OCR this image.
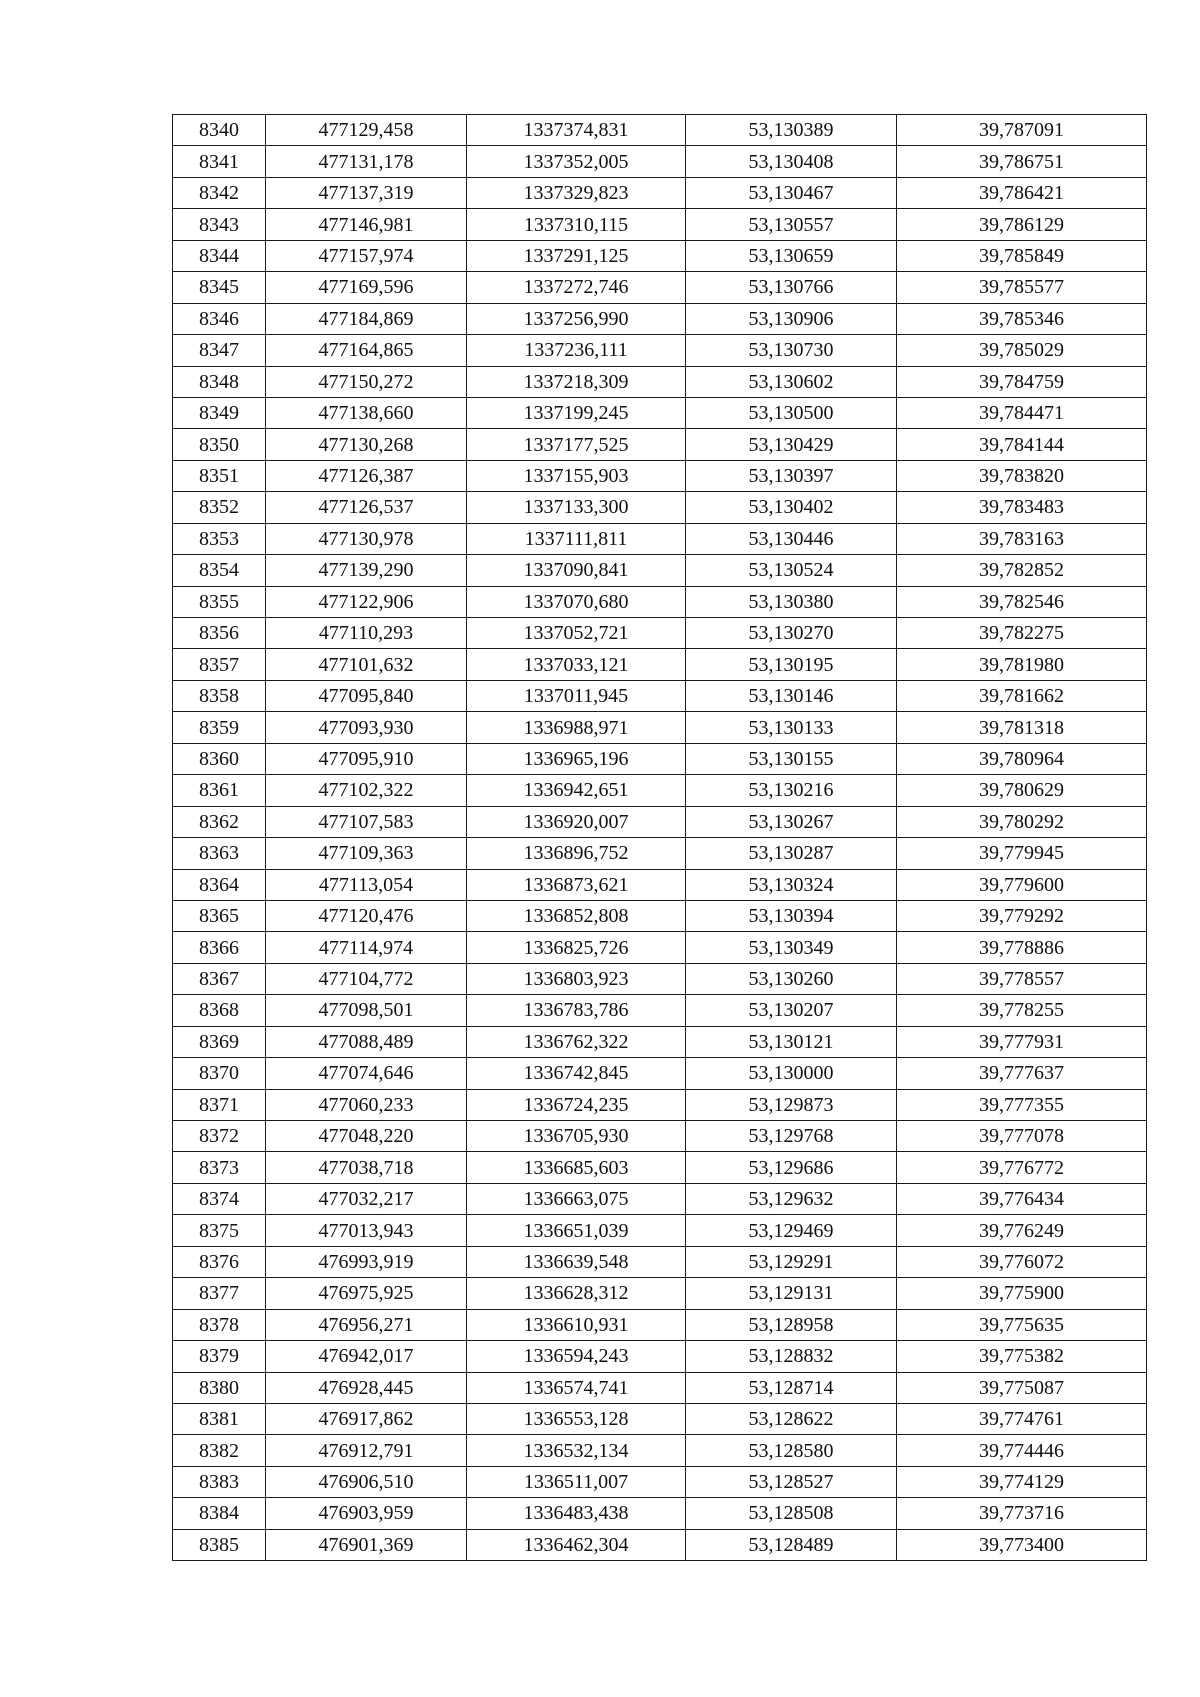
8340	477129,458	1337374,831	53,130389	39,787091
8341	477131,178	1337352,005	53,130408	39,786751
8342	477137,319	1337329,823	53,130467	39,786421
8343	477146,981	1337310,115	53,130557	39,786129
8344	477157,974	1337291,125	53,130659	39,785849
8345	477169,596	1337272,746	53,130766	39,785577
8346	477184,869	1337256,990	53,130906	39,785346
8347	477164,865	1337236,111	53,130730	39,785029
8348	477150,272	1337218,309	53,130602	39,784759
8349	477138,660	1337199,245	53,130500	39,784471
8350	477130,268	1337177,525	53,130429	39,784144
8351	477126,387	1337155,903	53,130397	39,783820
8352	477126,537	1337133,300	53,130402	39,783483
8353	477130,978	1337111,811	53,130446	39,783163
8354	477139,290	1337090,841	53,130524	39,782852
8355	477122,906	1337070,680	53,130380	39,782546
8356	477110,293	1337052,721	53,130270	39,782275
8357	477101,632	1337033,121	53,130195	39,781980
8358	477095,840	1337011,945	53,130146	39,781662
8359	477093,930	1336988,971	53,130133	39,781318
8360	477095,910	1336965,196	53,130155	39,780964
8361	477102,322	1336942,651	53,130216	39,780629
8362	477107,583	1336920,007	53,130267	39,780292
8363	477109,363	1336896,752	53,130287	39,779945
8364	477113,054	1336873,621	53,130324	39,779600
8365	477120,476	1336852,808	53,130394	39,779292
8366	477114,974	1336825,726	53,130349	39,778886
8367	477104,772	1336803,923	53,130260	39,778557
8368	477098,501	1336783,786	53,130207	39,778255
8369	477088,489	1336762,322	53,130121	39,777931
8370	477074,646	1336742,845	53,130000	39,777637
8371	477060,233	1336724,235	53,129873	39,777355
8372	477048,220	1336705,930	53,129768	39,777078
8373	477038,718	1336685,603	53,129686	39,776772
8374	477032,217	1336663,075	53,129632	39,776434
8375	477013,943	1336651,039	53,129469	39,776249
8376	476993,919	1336639,548	53,129291	39,776072
8377	476975,925	1336628,312	53,129131	39,775900
8378	476956,271	1336610,931	53,128958	39,775635
8379	476942,017	1336594,243	53,128832	39,775382
8380	476928,445	1336574,741	53,128714	39,775087
8381	476917,862	1336553,128	53,128622	39,774761
8382	476912,791	1336532,134	53,128580	39,774446
8383	476906,510	1336511,007	53,128527	39,774129
8384	476903,959	1336483,438	53,128508	39,773716
8385	476901,369	1336462,304	53,128489	39,773400
